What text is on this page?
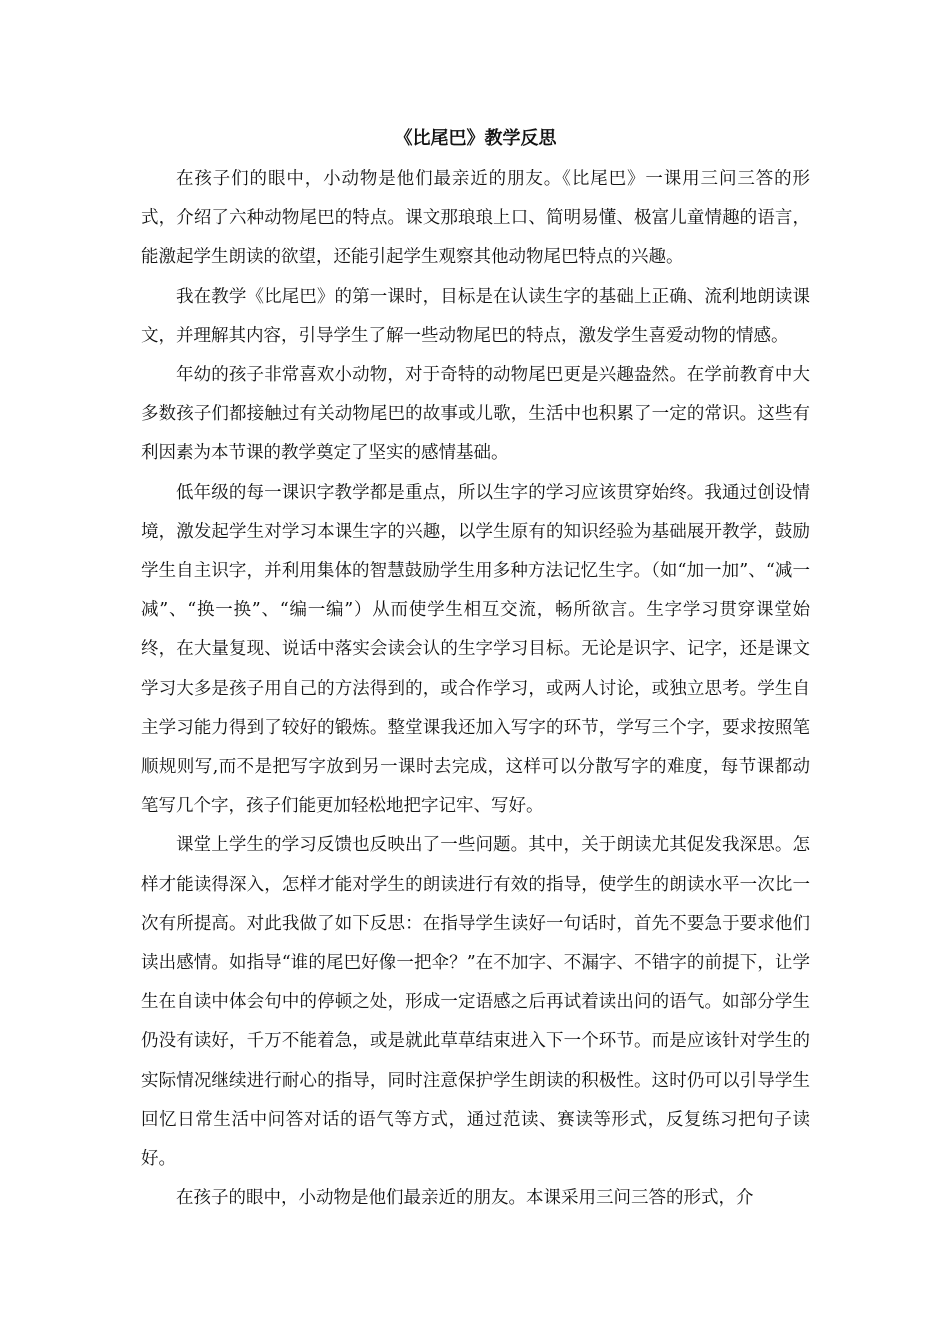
《比尾巴》教学反思

在孩子们的眼中，小动物是他们最亲近的朋友。《比尾巴》一课用三问三答的形式，介绍了六种动物尾巴的特点。课文那琅琅上口、简明易懂、极富儿童情趣的语言，能激起学生朗读的欲望，还能引起学生观察其他动物尾巴特点的兴趣。

我在教学《比尾巴》的第一课时，目标是在认读生字的基础上正确、流利地朗读课文，并理解其内容，引导学生了解一些动物尾巴的特点，激发学生喜爱动物的情感。

年幼的孩子非常喜欢小动物，对于奇特的动物尾巴更是兴趣盎然。在学前教育中大多数孩子们都接触过有关动物尾巴的故事或儿歌，生活中也积累了一定的常识。这些有利因素为本节课的教学奠定了坚实的感情基础。

低年级的每一课识字教学都是重点，所以生字的学习应该贯穿始终。我通过创设情境，激发起学生对学习本课生字的兴趣，以学生原有的知识经验为基础展开教学，鼓励学生自主识字，并利用集体的智慧鼓励学生用多种方法记忆生字。（如“加一加”、“减一减”、“换一换”、“编一编”）从而使学生相互交流，畅所欲言。生字学习贯穿课堂始终，在大量复现、说话中落实会读会认的生字学习目标。无论是识字、记字，还是课文学习大多是孩子用自己的方法得到的，或合作学习，或两人讨论，或独立思考。学生自主学习能力得到了较好的锻炼。整堂课我还加入写字的环节，学写三个字，要求按照笔顺规则写,而不是把写字放到另一课时去完成，这样可以分散写字的难度，每节课都动笔写几个字，孩子们能更加轻松地把字记牢、写好。

课堂上学生的学习反馈也反映出了一些问题。其中，关于朗读尤其促发我深思。怎样才能读得深入，怎样才能对学生的朗读进行有效的指导，使学生的朗读水平一次比一次有所提高。对此我做了如下反思：在指导学生读好一句话时，首先不要急于要求他们读出感情。如指导“谁的尾巴好像一把伞？”在不加字、不漏字、不错字的前提下，让学生在自读中体会句中的停顿之处，形成一定语感之后再试着读出问的语气。如部分学生仍没有读好，千万不能着急，或是就此草草结束进入下一个环节。而是应该针对学生的实际情况继续进行耐心的指导，同时注意保护学生朗读的积极性。这时仍可以引导学生回忆日常生活中问答对话的语气等方式，通过范读、赛读等形式，反复练习把句子读好。

在孩子的眼中，小动物是他们最亲近的朋友。本课采用三问三答的形式，介
